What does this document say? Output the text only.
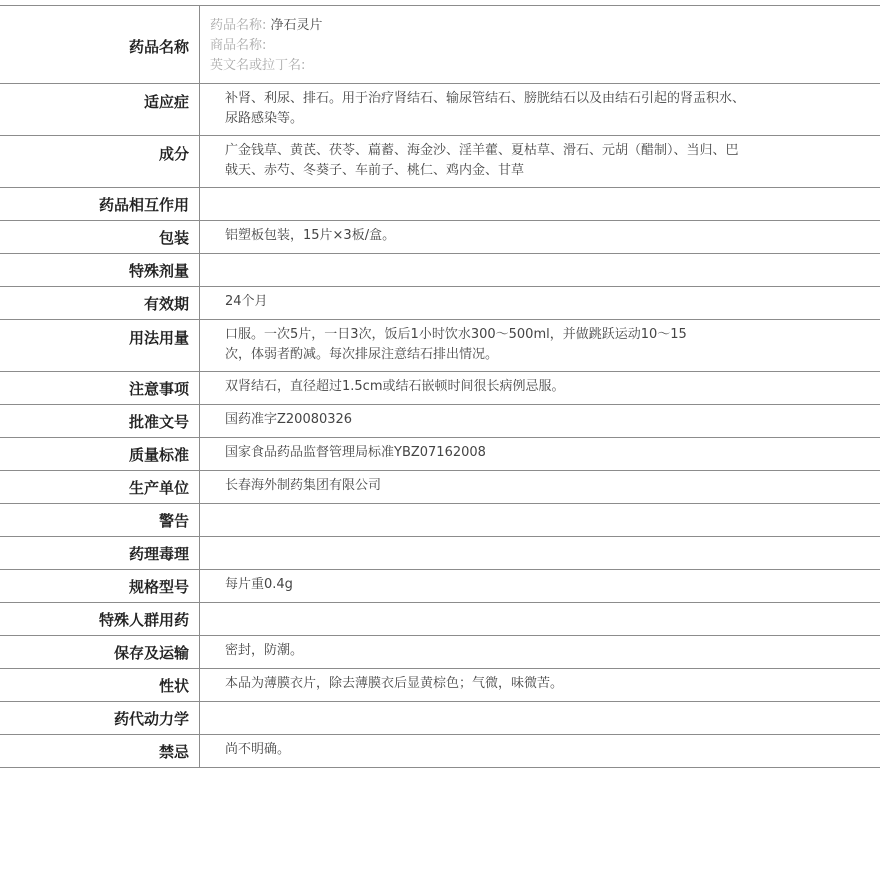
药品名称
药品名称: 净石灵片
商品名称:
英文名或拉丁名:
适应症	补肾、利尿、排石。用于治疗肾结石、输尿管结石、膀胱结石以及由结石引起的肾盂积水、
尿路感染等。
成分	广金钱草、黄芪、茯苓、萹蓄、海金沙、淫羊藿、夏枯草、滑石、元胡（醋制）、当归、巴
戟天、赤芍、冬葵子、车前子、桃仁、鸡内金、甘草
药品相互作用
包装	铝塑板包装，15片×3板/盒。
特殊剂量
有效期	24个月
用法用量	口服。一次5片，一日3次，饭后1小时饮水300～500ml，并做跳跃运动10～15
次，体弱者酌减。每次排尿注意结石排出情况。
注意事项	双肾结石，直径超过1.5cm或结石嵌顿时间很长病例忌服。
批准文号	国药准字Z20080326
质量标准	国家食品药品监督管理局标准YBZ07162008
生产单位	长春海外制药集团有限公司
警告
药理毒理
规格型号	每片重0.4g
特殊人群用药
保存及运输	密封，防潮。
性状	本品为薄膜衣片，除去薄膜衣后显黄棕色；气微，味微苦。
药代动力学
禁忌	尚不明确。
